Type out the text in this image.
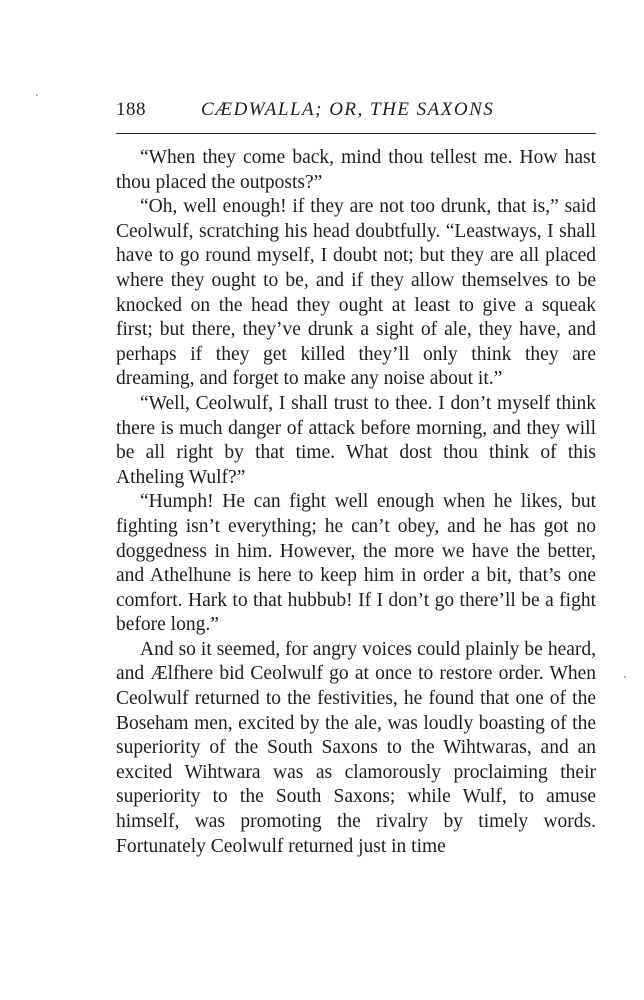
188	CÆDWALLA; OR, THE SAXONS

“When they come back, mind thou tellest me. How hast thou placed the outposts?”

“Oh, well enough! if they are not too drunk, that is,” said Ceolwulf, scratching his head doubtfully. “Leastways, I shall have to go round myself, I doubt not; but they are all placed where they ought to be, and if they allow themselves to be knocked on the head they ought at least to give a squeak first; but there, they’ve drunk a sight of ale, they have, and perhaps if they get killed they’ll only think they are dreaming, and forget to make any noise about it.”

“Well, Ceolwulf, I shall trust to thee. I don’t myself think there is much danger of attack before morning, and they will be all right by that time. What dost thou think of this Atheling Wulf?”

“Humph! He can fight well enough when he likes, but fighting isn’t everything; he can’t obey, and he has got no doggedness in him. However, the more we have the better, and Athelhune is here to keep him in order a bit, that’s one comfort. Hark to that hubbub! If I don’t go there’ll be a fight before long.”

And so it seemed, for angry voices could plainly be heard, and Ælfhere bid Ceolwulf go at once to restore order. When Ceolwulf returned to the festivities, he found that one of the Boseham men, excited by the ale, was loudly boasting of the superiority of the South Saxons to the Wihtwaras, and an excited Wihtwara was as clamorously proclaiming their superiority to the South Saxons; while Wulf, to amuse himself, was promoting the rivalry by timely words. Fortunately Ceolwulf returned just in time
